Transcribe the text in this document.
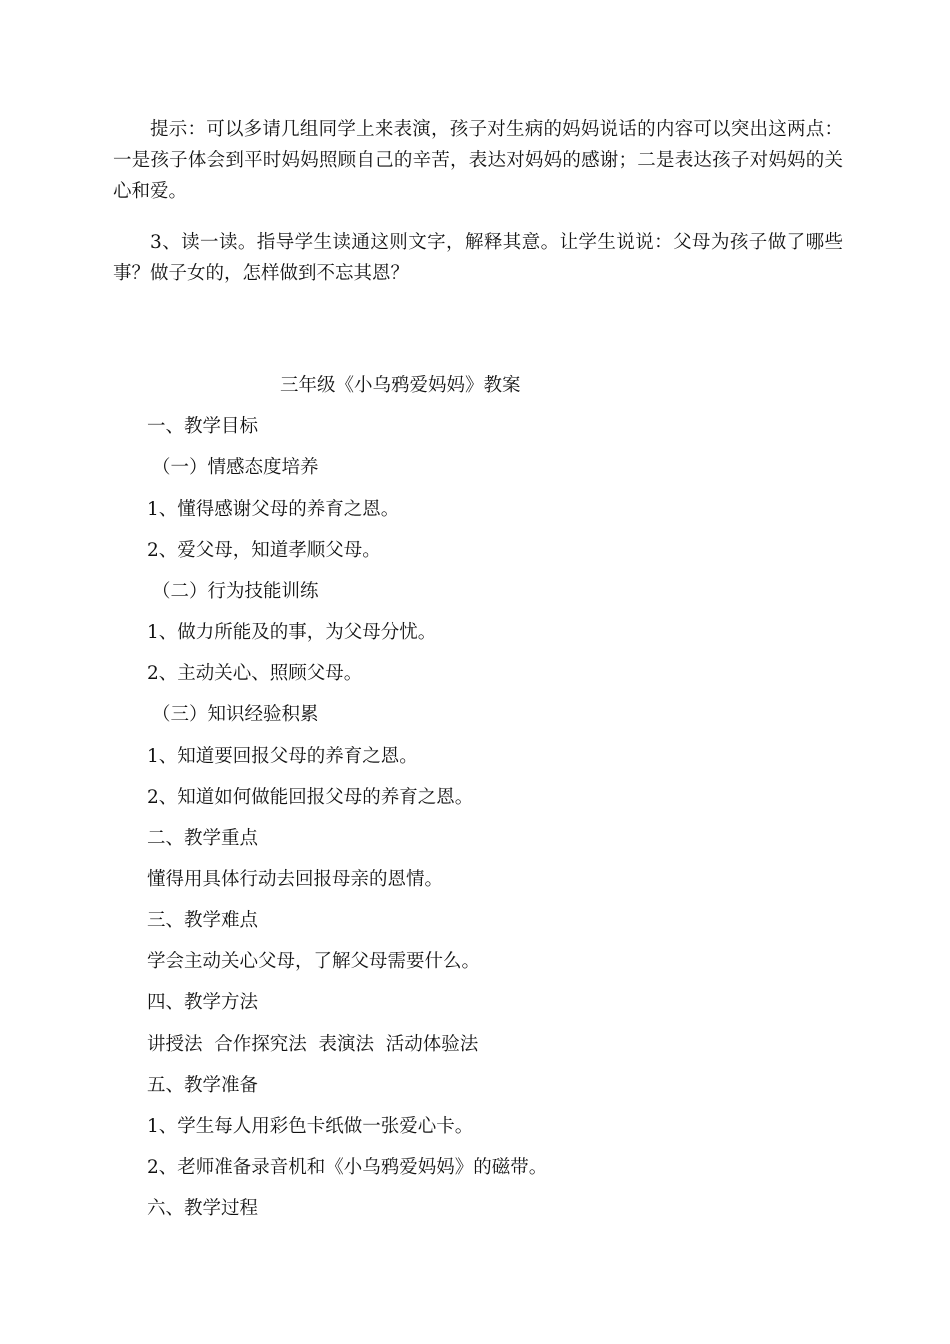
提示：可以多请几组同学上来表演，孩子对生病的妈妈说话的内容可以突出这两点：一是孩子体会到平时妈妈照顾自己的辛苦，表达对妈妈的感谢；二是表达孩子对妈妈的关心和爱。

3、读一读。指导学生读通这则文字，解释其意。让学生说说：父母为孩子做了哪些事？做子女的，怎样做到不忘其恩？

三年级《小乌鸦爱妈妈》教案

一、教学目标

（一）情感态度培养

1、懂得感谢父母的养育之恩。

2、爱父母，知道孝顺父母。

（二）行为技能训练

1、做力所能及的事，为父母分忧。

2、主动关心、照顾父母。

（三）知识经验积累

1、知道要回报父母的养育之恩。

2、知道如何做能回报父母的养育之恩。

二、教学重点

懂得用具体行动去回报母亲的恩情。

三、教学难点

学会主动关心父母，了解父母需要什么。

四、教学方法

讲授法  合作探究法  表演法  活动体验法

五、教学准备

1、学生每人用彩色卡纸做一张爱心卡。

2、老师准备录音机和《小乌鸦爱妈妈》的磁带。

六、教学过程
